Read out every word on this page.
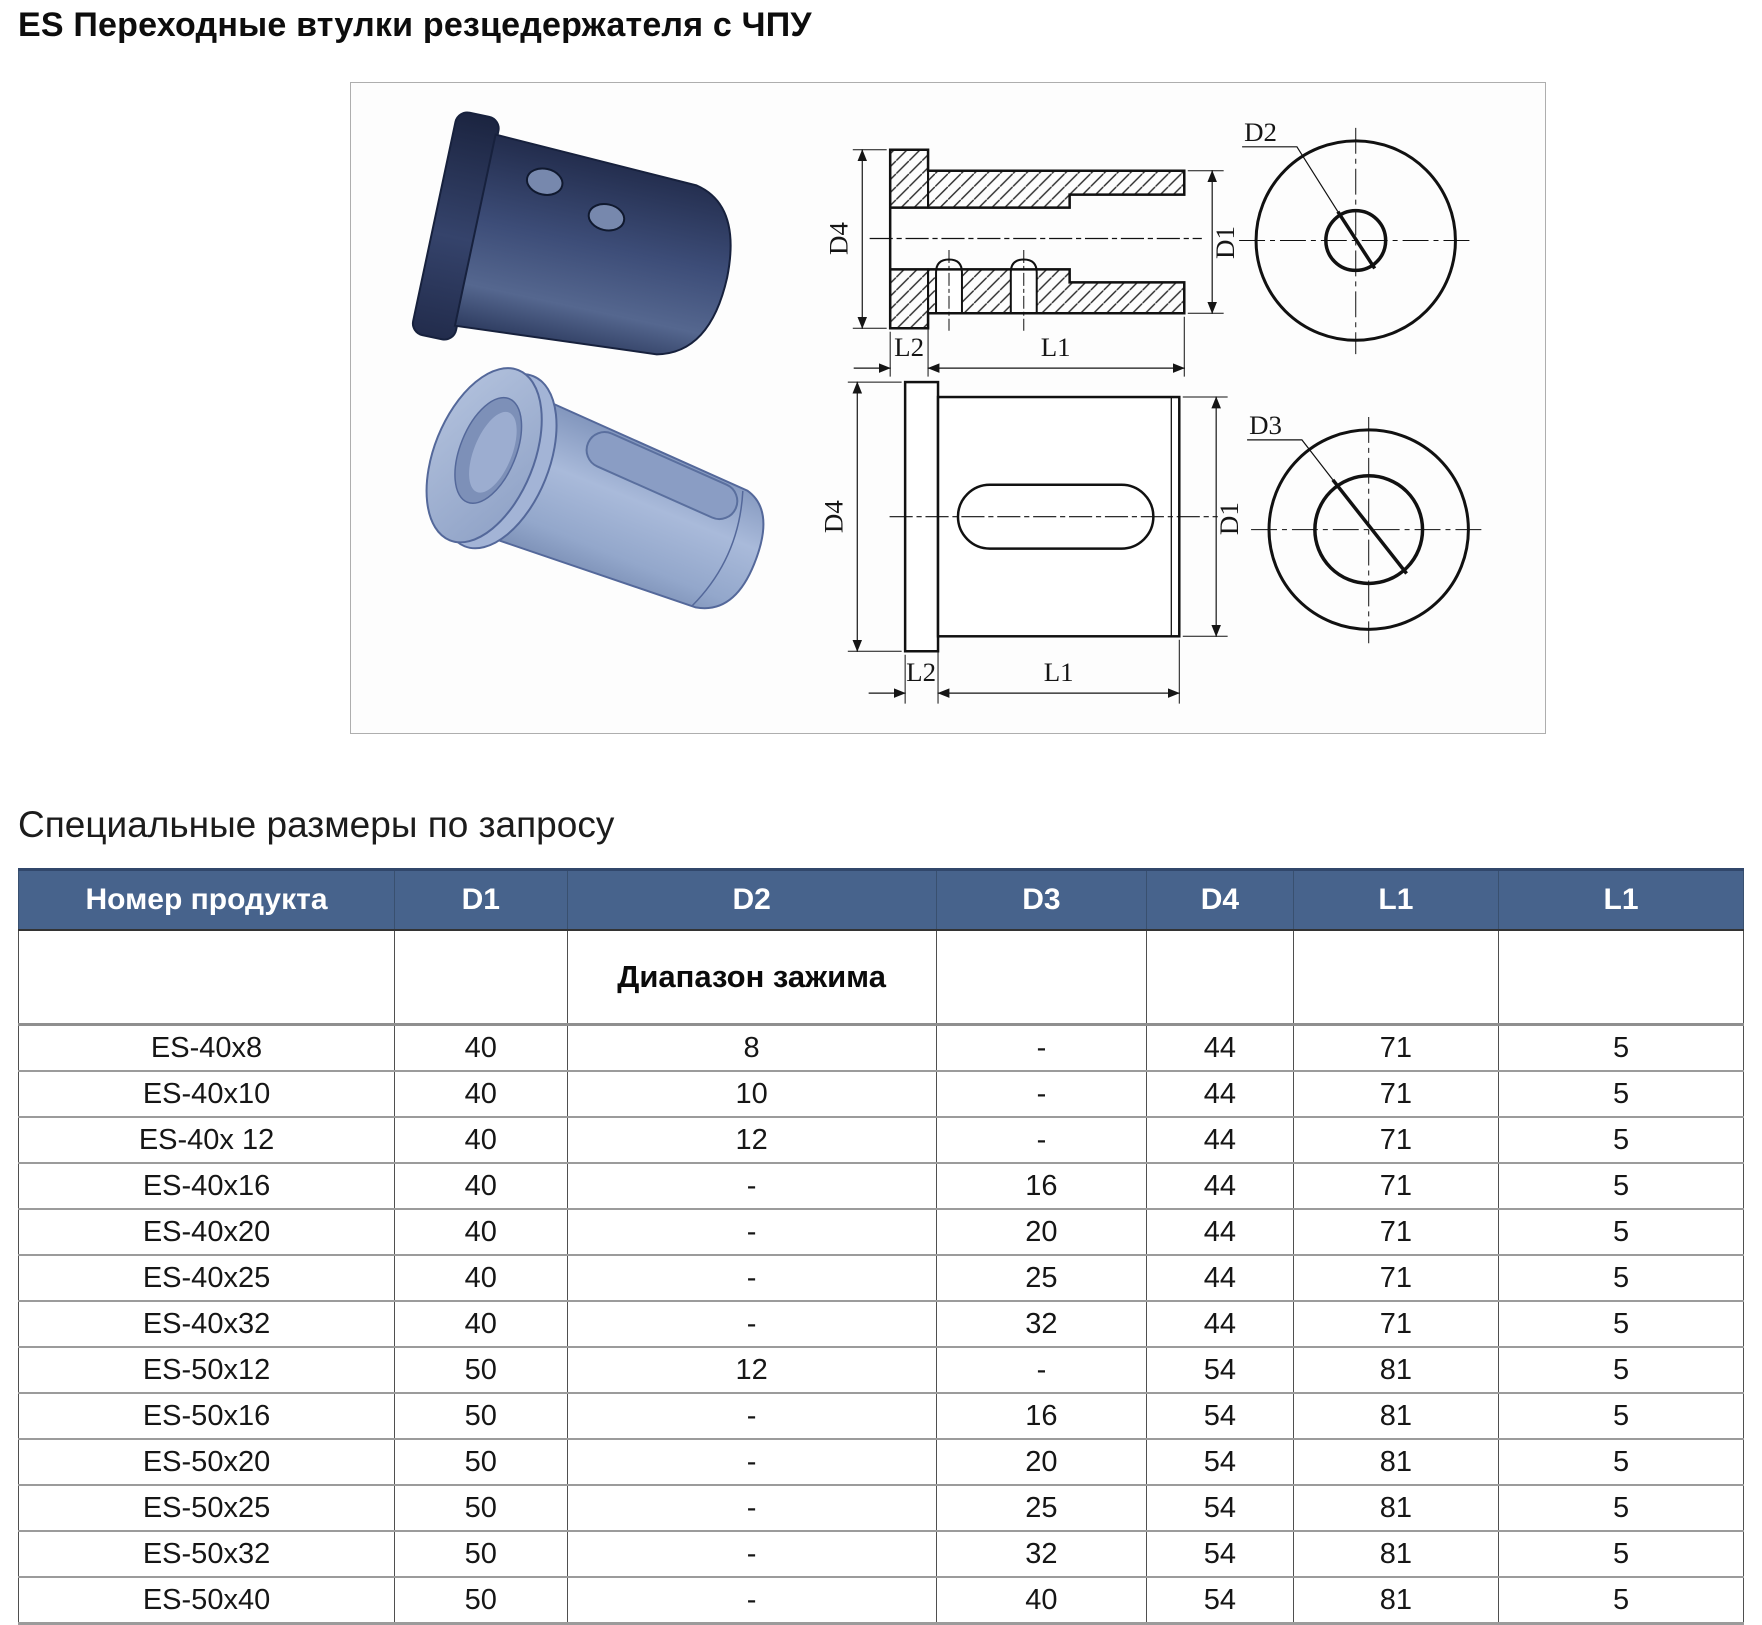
ES Переходные втулки резцедержателя с ЧПУ
D4	D1
L2	L1
D2
D4	D1
L2	L1
D3
Специальные размеры по запросу
Номер продукта	D1	D2	D3	D4	L1	L1
		Диапазон зажима				
ES-40x8	40	8	-	44	71	5
ES-40x10	40	10	-	44	71	5
ES-40x 12	40	12	-	44	71	5
ES-40x16	40	-	16	44	71	5
ES-40x20	40	-	20	44	71	5
ES-40x25	40	-	25	44	71	5
ES-40x32	40	-	32	44	71	5
ES-50x12	50	12	-	54	81	5
ES-50x16	50	-	16	54	81	5
ES-50x20	50	-	20	54	81	5
ES-50x25	50	-	25	54	81	5
ES-50x32	50	-	32	54	81	5
ES-50x40	50	-	40	54	81	5
